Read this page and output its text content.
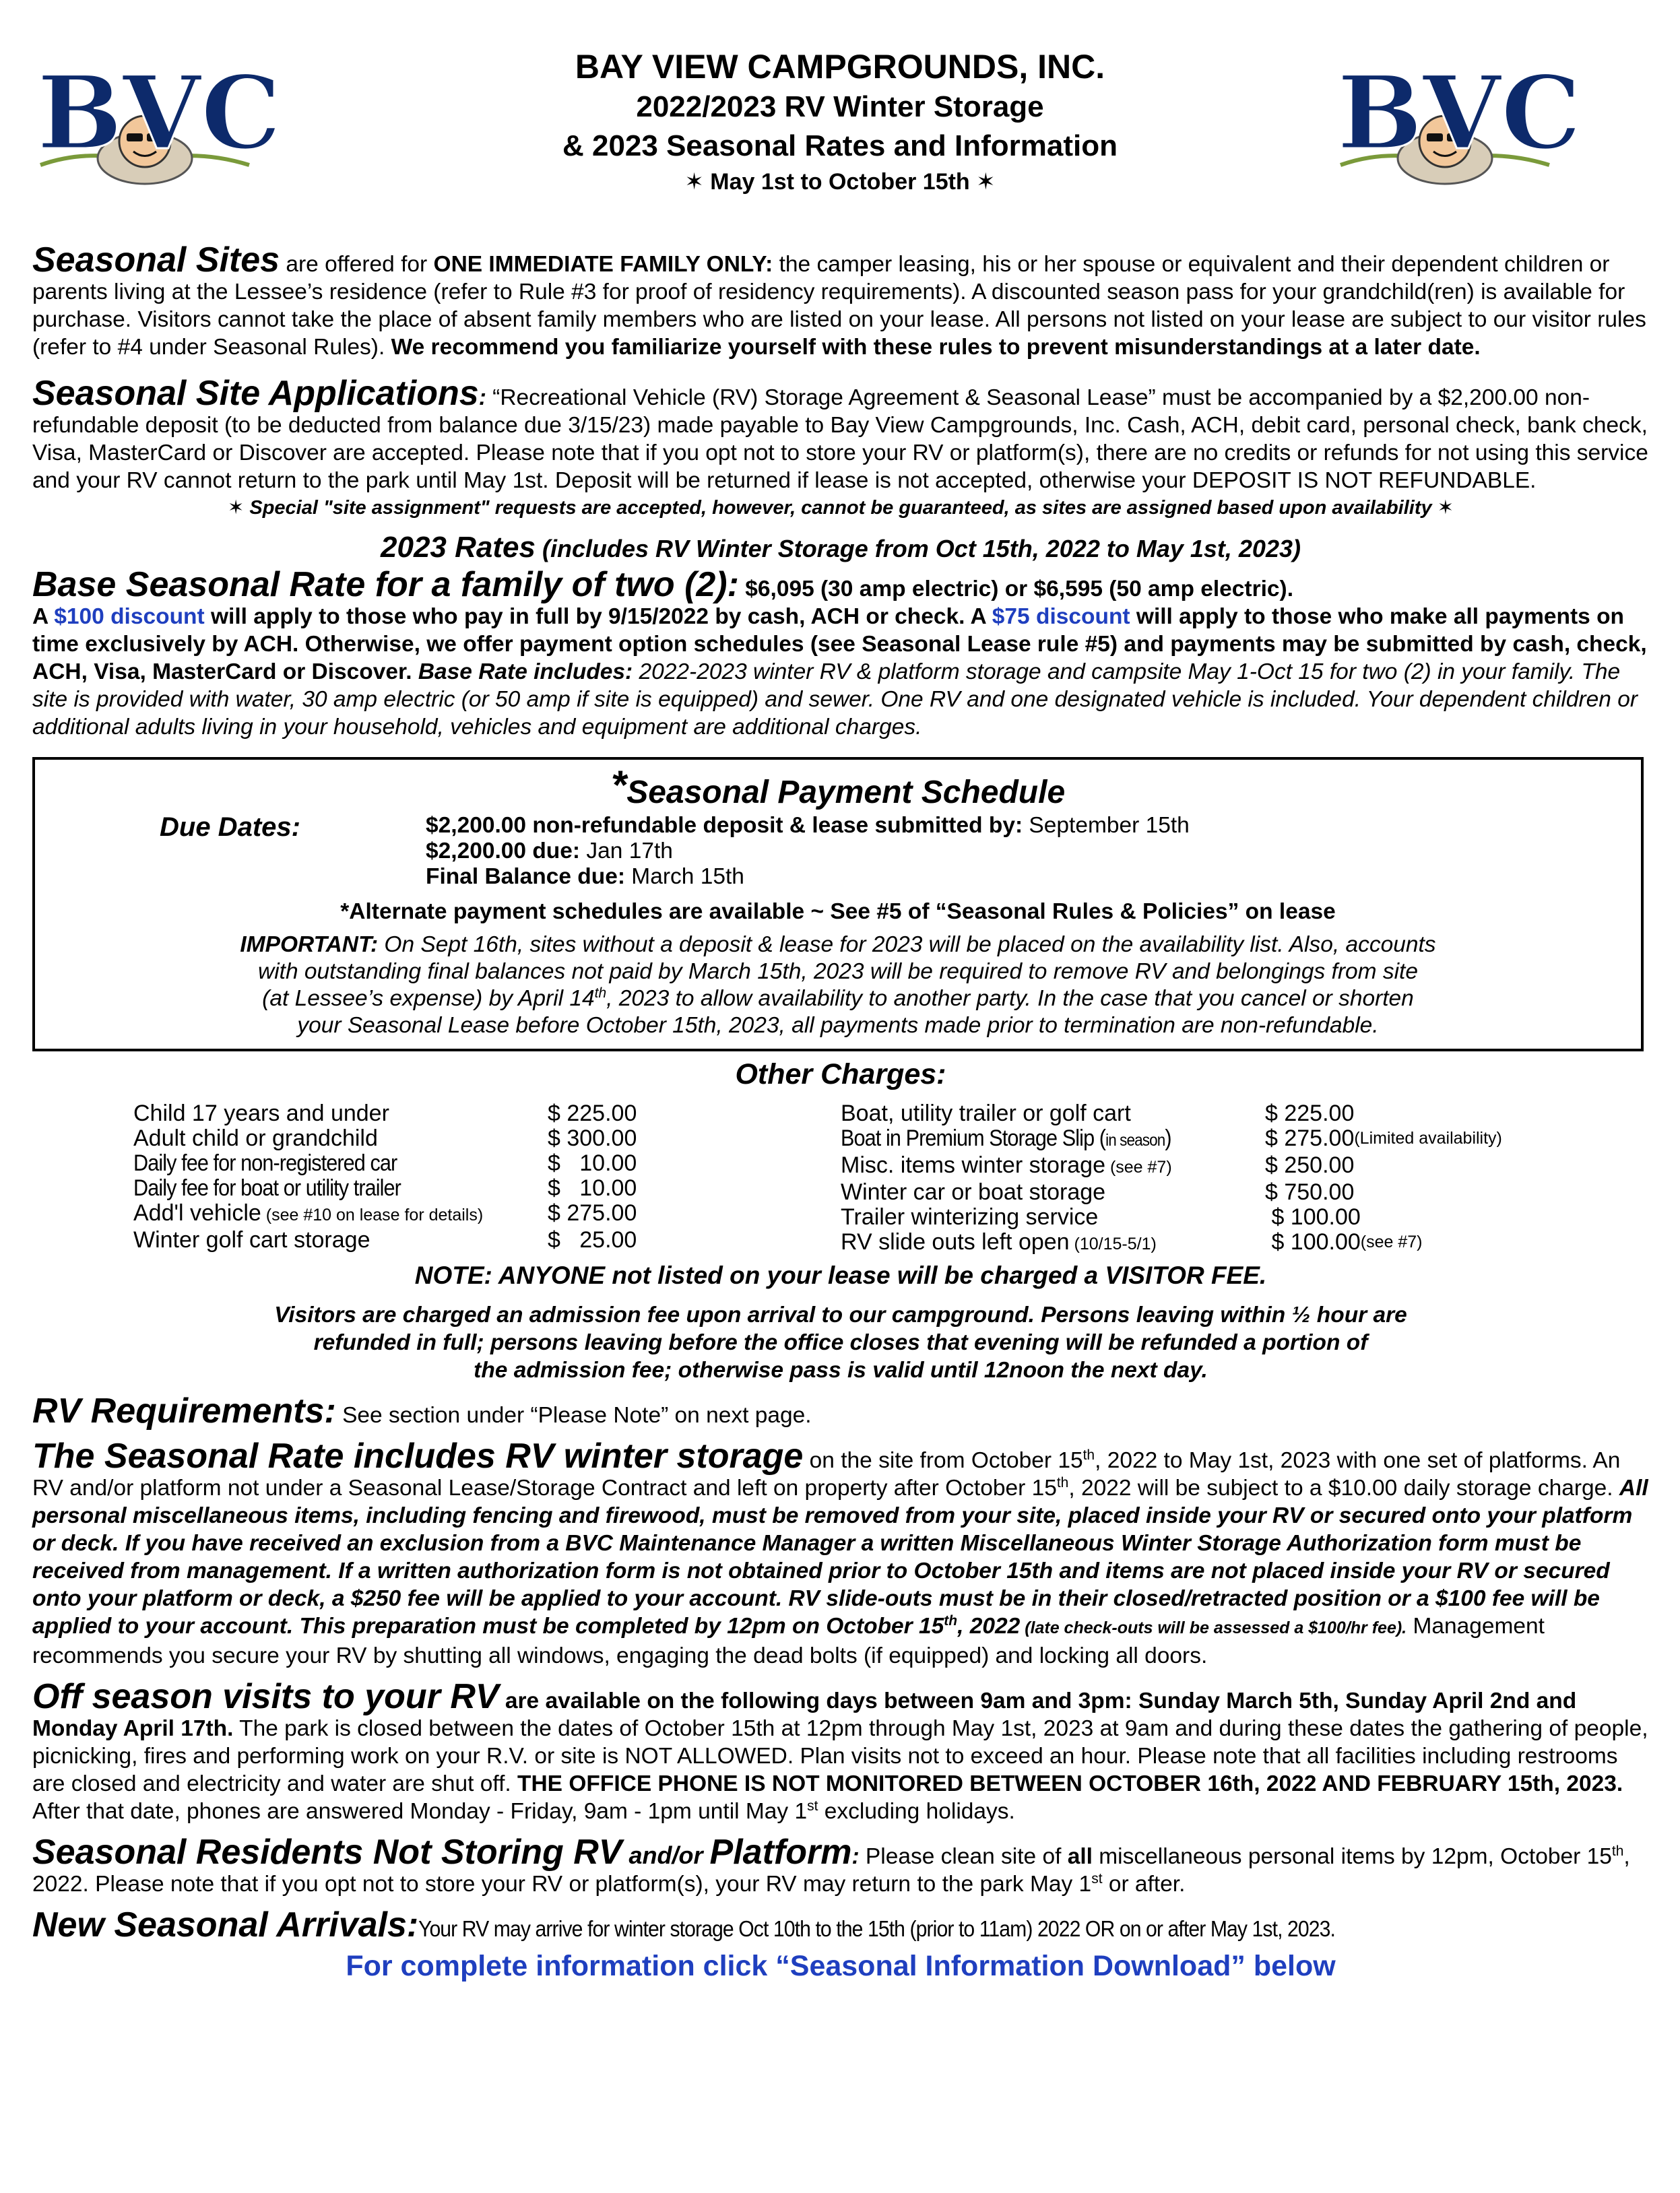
BVC	BVC
BAY VIEW CAMPGROUNDS, INC.
2022/2023 RV Winter Storage
& 2023 Seasonal Rates and Information
✶ May 1st to October 15th ✶

Seasonal Sites are offered for ONE IMMEDIATE FAMILY ONLY: the camper leasing, his or her spouse or equivalent and their dependent children or parents living at the Lessee’s residence (refer to Rule #3 for proof of residency requirements). A discounted season pass for your grandchild(ren) is available for purchase. Visitors cannot take the place of absent family members who are listed on your lease. All persons not listed on your lease are subject to our visitor rules (refer to #4 under Seasonal Rules). We recommend you familiarize yourself with these rules to prevent misunderstandings at a later date.

Seasonal Site Applications: “Recreational Vehicle (RV) Storage Agreement & Seasonal Lease” must be accompanied by a $2,200.00 non-refundable deposit (to be deducted from balance due 3/15/23) made payable to Bay View Campgrounds, Inc. Cash, ACH, debit card, personal check, bank check, Visa, MasterCard or Discover are accepted. Please note that if you opt not to store your RV or platform(s), there are no credits or refunds for not using this service and your RV cannot return to the park until May 1st. Deposit will be returned if lease is not accepted, otherwise your DEPOSIT IS NOT REFUNDABLE.

✶ Special "site assignment" requests are accepted, however, cannot be guaranteed, as sites are assigned based upon availability ✶

2023 Rates (includes RV Winter Storage from Oct 15th, 2022 to May 1st, 2023)

Base Seasonal Rate for a family of two (2): $6,095 (30 amp electric) or $6,595 (50 amp electric).
A $100 discount will apply to those who pay in full by 9/15/2022 by cash, ACH or check. A $75 discount will apply to those who make all payments on time exclusively by ACH. Otherwise, we offer payment option schedules (see Seasonal Lease rule #5) and payments may be submitted by cash, check, ACH, Visa, MasterCard or Discover. Base Rate includes: 2022-2023 winter RV & platform storage and campsite May 1-Oct 15 for two (2) in your family. The site is provided with water, 30 amp electric (or 50 amp if site is equipped) and sewer. One RV and one designated vehicle is included. Your dependent children or additional adults living in your household, vehicles and equipment are additional charges.

*Seasonal Payment Schedule
Due Dates:	$2,200.00 non-refundable deposit & lease submitted by: September 15th
$2,200.00 due: Jan 17th
Final Balance due: March 15th

*Alternate payment schedules are available ~ See #5 of “Seasonal Rules & Policies” on lease

IMPORTANT: On Sept 16th, sites without a deposit & lease for 2023 will be placed on the availability list. Also, accounts
with outstanding final balances not paid by March 15th, 2023 will be required to remove RV and belongings from site
(at Lessee’s expense) by April 14th, 2023 to allow availability to another party. In the case that you cancel or shorten
your Seasonal Lease before October 15th, 2023, all payments made prior to termination are non-refundable.
Other Charges:
Child 17 years and under	$ 225.00
Adult child or grandchild	$ 300.00
Daily fee for non-registered car	$   10.00
Daily fee for boat or utility trailer	$   10.00
Add'l vehicle (see #10 on lease for details)	$ 275.00
Winter golf cart storage	$   25.00
Boat, utility trailer or golf cart	$ 225.00
Boat in Premium Storage Slip (in season)	$ 275.00 (Limited availability)
Misc. items winter storage (see #7)	$ 250.00
Winter car or boat storage	$ 750.00
Trailer winterizing service	$ 100.00
RV slide outs left open (10/15-5/1)	$ 100.00 (see #7)

NOTE: ANYONE not listed on your lease will be charged a VISITOR FEE.

Visitors are charged an admission fee upon arrival to our campground. Persons leaving within ½ hour are
refunded in full; persons leaving before the office closes that evening will be refunded a portion of
the admission fee; otherwise pass is valid until 12noon the next day.

RV Requirements: See section under “Please Note” on next page.

The Seasonal Rate includes RV winter storage on the site from October 15th, 2022 to May 1st, 2023 with one set of platforms. An RV and/or platform not under a Seasonal Lease/Storage Contract and left on property after October 15th, 2022 will be subject to a $10.00 daily storage charge. All personal miscellaneous items, including fencing and firewood, must be removed from your site, placed inside your RV or secured onto your platform or deck. If you have received an exclusion from a BVC Maintenance Manager a written Miscellaneous Winter Storage Authorization form must be received from management. If a written authorization form is not obtained prior to October 15th and items are not placed inside your RV or secured onto your platform or deck, a $250 fee will be applied to your account. RV slide-outs must be in their closed/retracted position or a $100 fee will be applied to your account. This preparation must be completed by 12pm on October 15th, 2022 (late check-outs will be assessed a $100/hr fee). Management recommends you secure your RV by shutting all windows, engaging the dead bolts (if equipped) and locking all doors.

Off season visits to your RV are available on the following days between 9am and 3pm: Sunday March 5th, Sunday April 2nd and Monday April 17th. The park is closed between the dates of October 15th at 12pm through May 1st, 2023 at 9am and during these dates the gathering of people, picnicking, fires and performing work on your R.V. or site is NOT ALLOWED. Plan visits not to exceed an hour. Please note that all facilities including restrooms are closed and electricity and water are shut off. THE OFFICE PHONE IS NOT MONITORED BETWEEN OCTOBER 16th, 2022 AND FEBRUARY 15th, 2023. After that date, phones are answered Monday - Friday, 9am - 1pm until May 1st excluding holidays.

Seasonal Residents Not Storing RV and/or Platform: Please clean site of all miscellaneous personal items by 12pm, October 15th, 2022. Please note that if you opt not to store your RV or platform(s), your RV may return to the park May 1st or after.

New Seasonal Arrivals:Your RV may arrive for winter storage Oct 10th to the 15th (prior to 11am) 2022 OR on or after May 1st, 2023.

For complete information click “Seasonal Information Download” below
